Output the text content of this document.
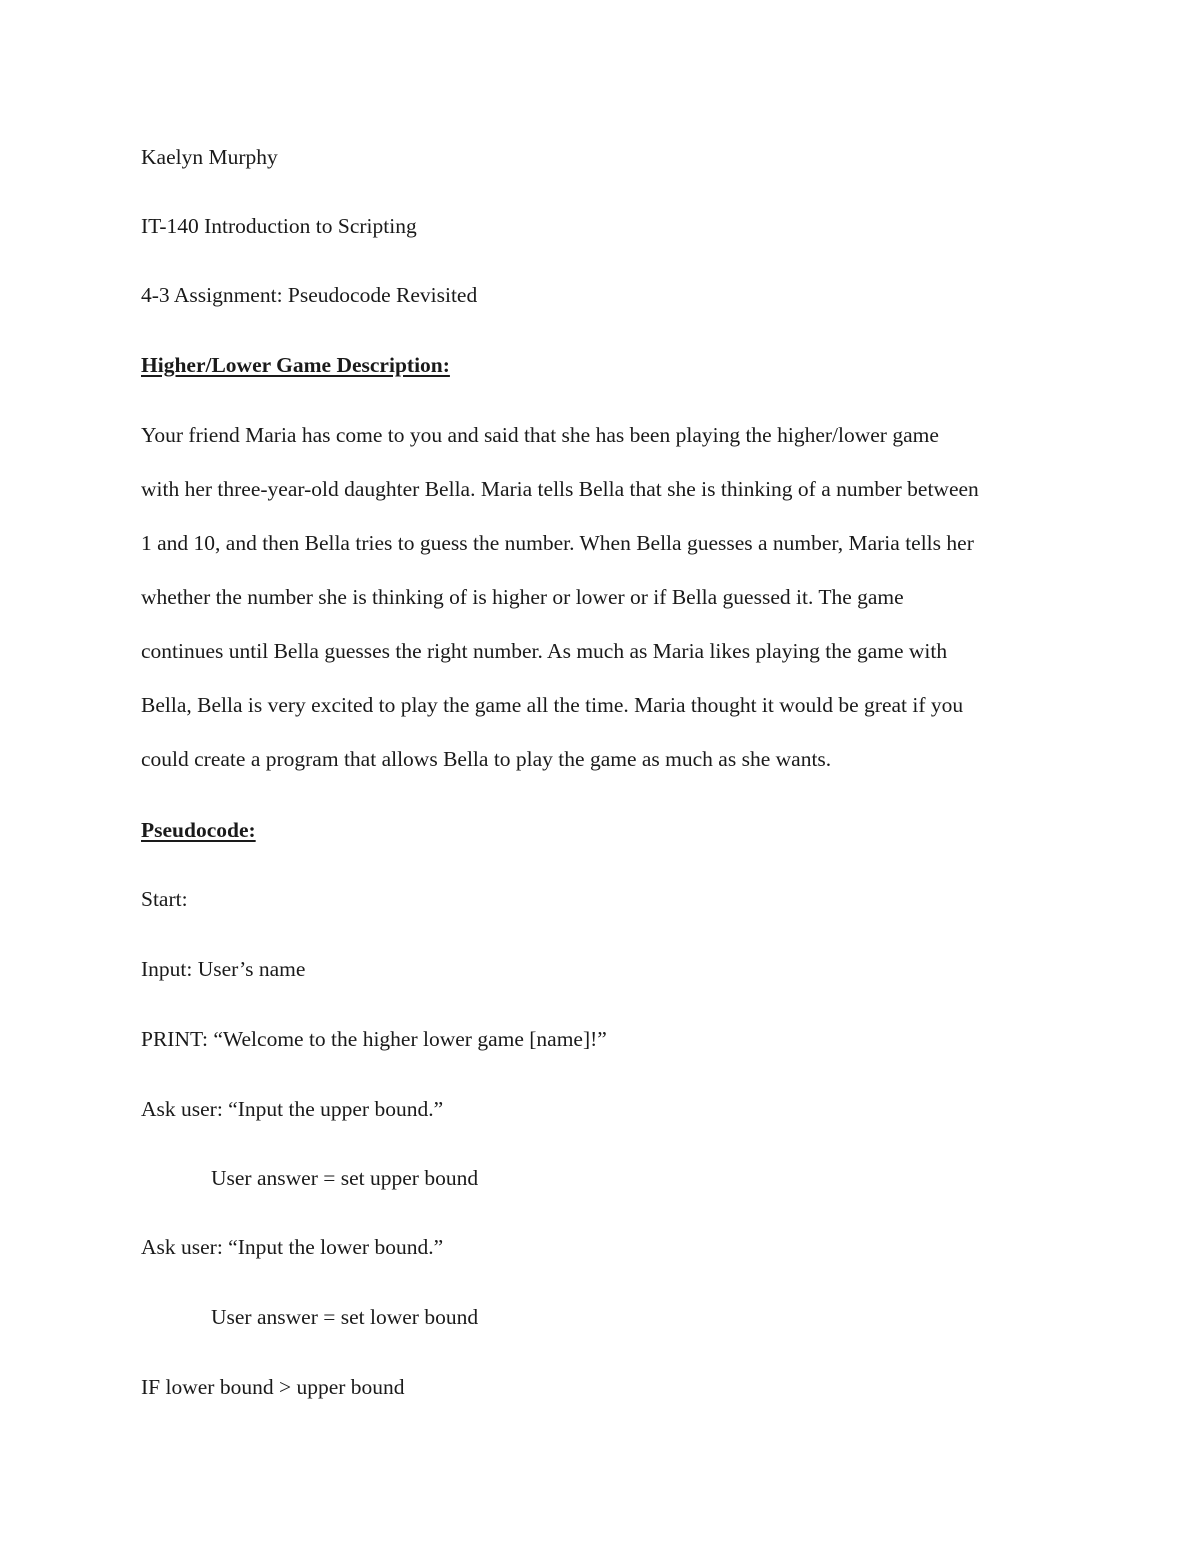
Kaelyn Murphy
IT-140 Introduction to Scripting
4-3 Assignment: Pseudocode Revisited
Higher/Lower Game Description:
Your friend Maria has come to you and said that she has been playing the higher/lower game
with her three-year-old daughter Bella. Maria tells Bella that she is thinking of a number between
1 and 10, and then Bella tries to guess the number. When Bella guesses a number, Maria tells her
whether the number she is thinking of is higher or lower or if Bella guessed it. The game
continues until Bella guesses the right number. As much as Maria likes playing the game with
Bella, Bella is very excited to play the game all the time. Maria thought it would be great if you
could create a program that allows Bella to play the game as much as she wants.
Pseudocode:
Start:
Input: User’s name
PRINT: “Welcome to the higher lower game [name]!”
Ask user: “Input the upper bound.”
User answer = set upper bound
Ask user: “Input the lower bound.”
User answer = set lower bound
IF lower bound > upper bound
